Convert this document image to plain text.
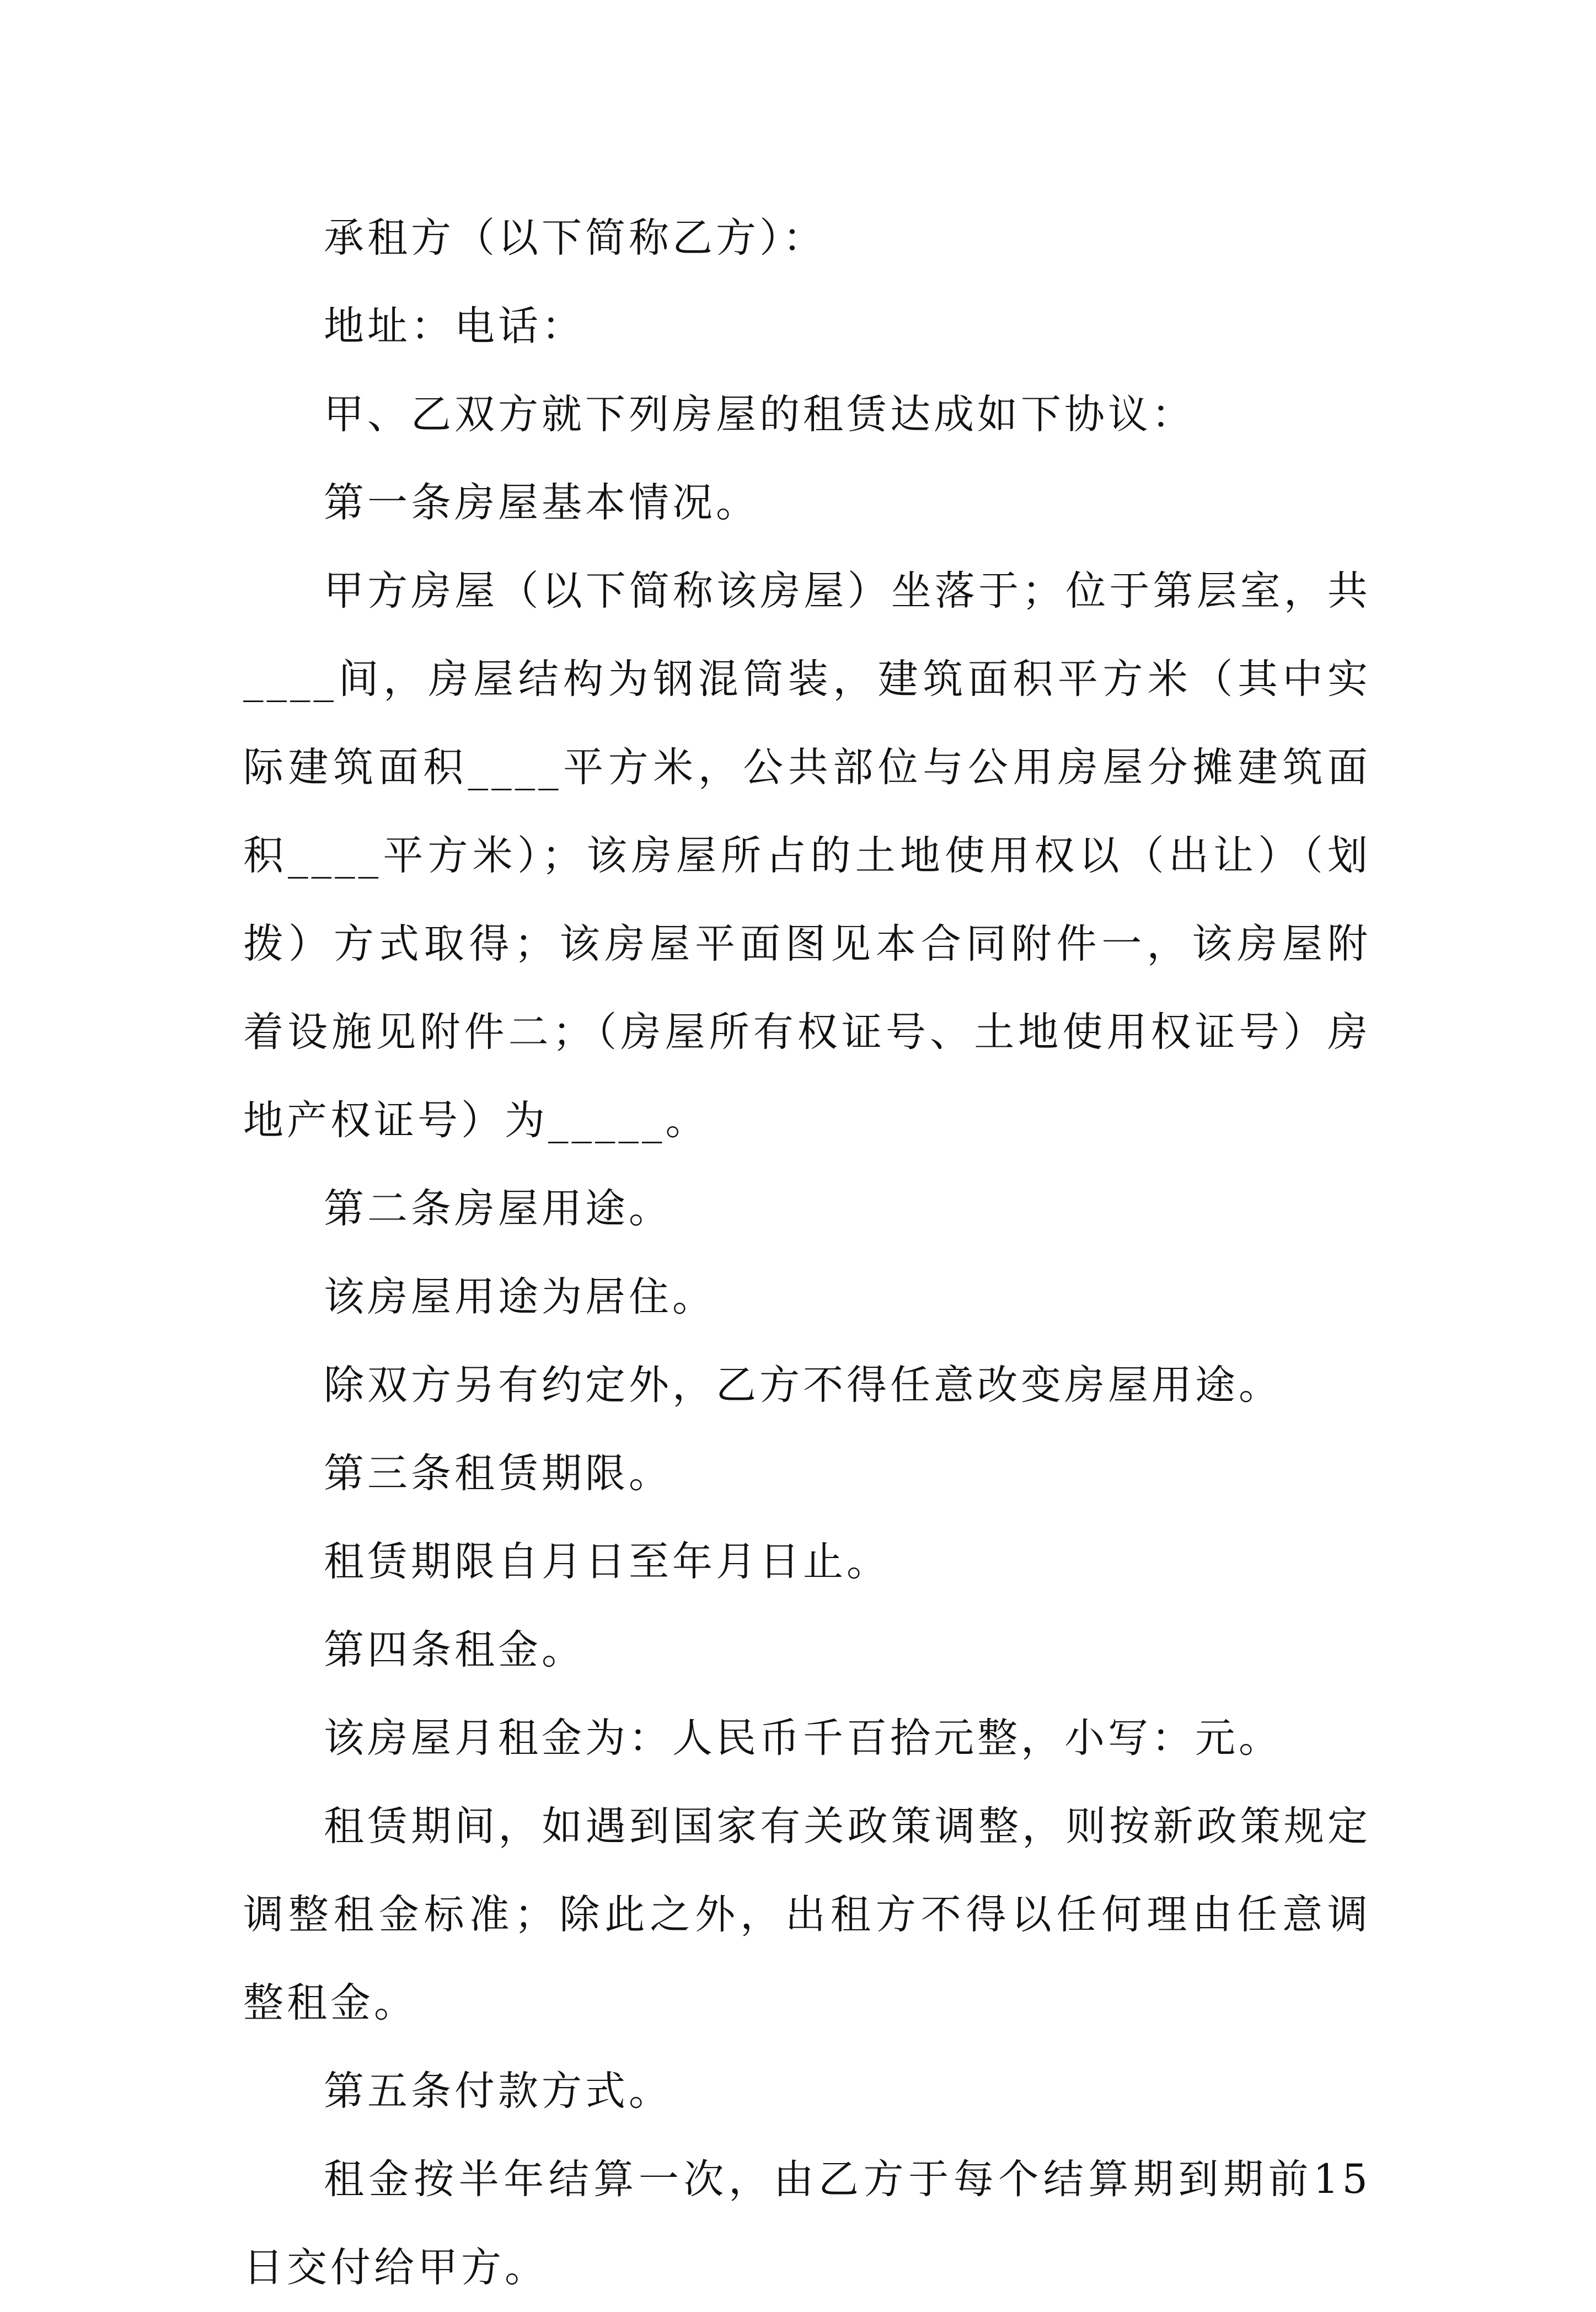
承租方（以下简称乙方）：

地址：电话：

甲、乙双方就下列房屋的租赁达成如下协议：

第一条房屋基本情况。

甲方房屋（以下简称该房屋）坐落于；位于第层室，共____间，房屋结构为钢混筒装，建筑面积平方米（其中实际建筑面积____平方米，公共部位与公用房屋分摊建筑面积____平方米）；该房屋所占的土地使用权以（出让）（划拨）方式取得；该房屋平面图见本合同附件一，该房屋附着设施见附件二；（房屋所有权证号、土地使用权证号）房地产权证号）为_____。

第二条房屋用途。

该房屋用途为居住。

除双方另有约定外，乙方不得任意改变房屋用途。

第三条租赁期限。

租赁期限自月日至年月日止。

第四条租金。

该房屋月租金为：人民币千百拾元整，小写：元。

租赁期间，如遇到国家有关政策调整，则按新政策规定调整租金标准；除此之外，出租方不得以任何理由任意调整租金。

第五条付款方式。

租金按半年结算一次，由乙方于每个结算期到期前15日交付给甲方。
